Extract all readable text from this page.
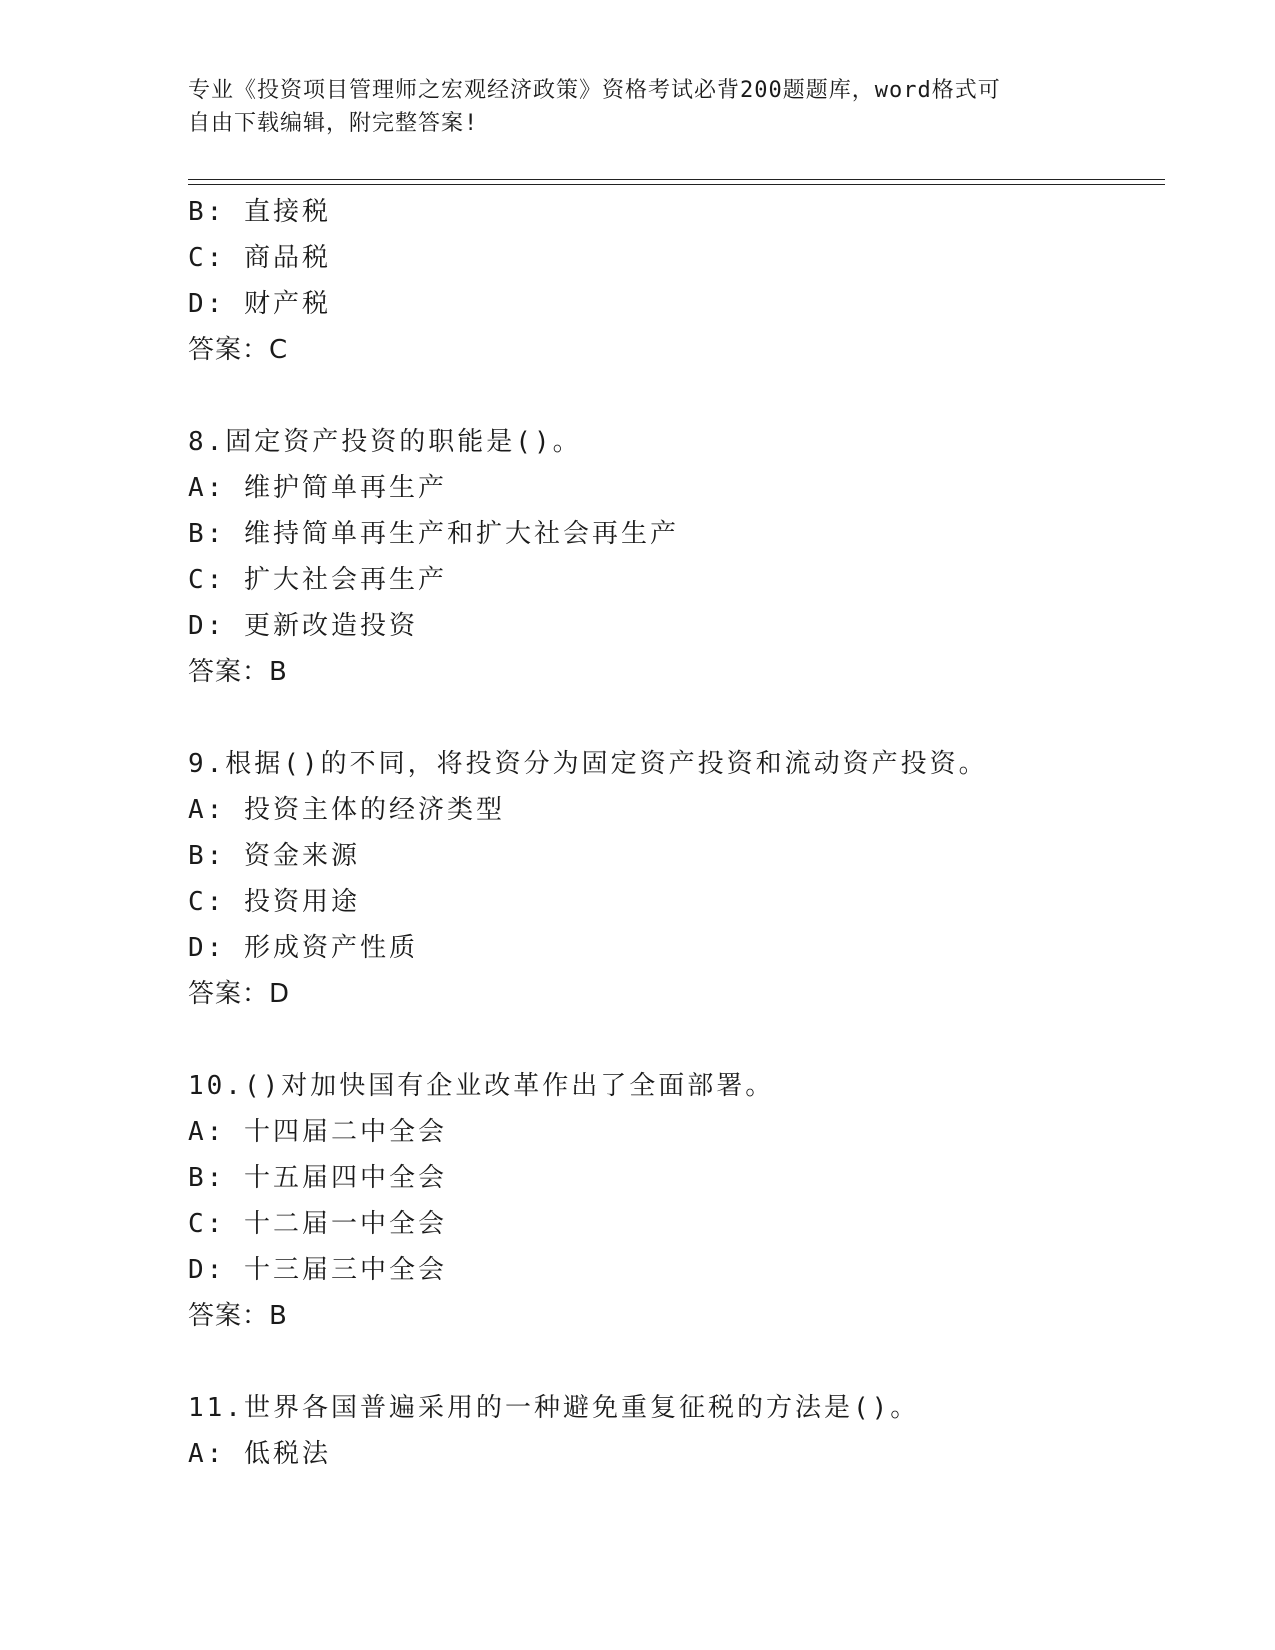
专业《投资项目管理师之宏观经济政策》资格考试必背200题题库，word格式可
自由下载编辑，附完整答案!
B: 直接税
C: 商品税
D: 财产税
答案：C
8.固定资产投资的职能是()。
A: 维护简单再生产
B: 维持简单再生产和扩大社会再生产
C: 扩大社会再生产
D: 更新改造投资
答案：B
9.根据()的不同，将投资分为固定资产投资和流动资产投资。
A: 投资主体的经济类型
B: 资金来源
C: 投资用途
D: 形成资产性质
答案：D
10.()对加快国有企业改革作出了全面部署。
A: 十四届二中全会
B: 十五届四中全会
C: 十二届一中全会
D: 十三届三中全会
答案：B
11.世界各国普遍采用的一种避免重复征税的方法是()。
A: 低税法
